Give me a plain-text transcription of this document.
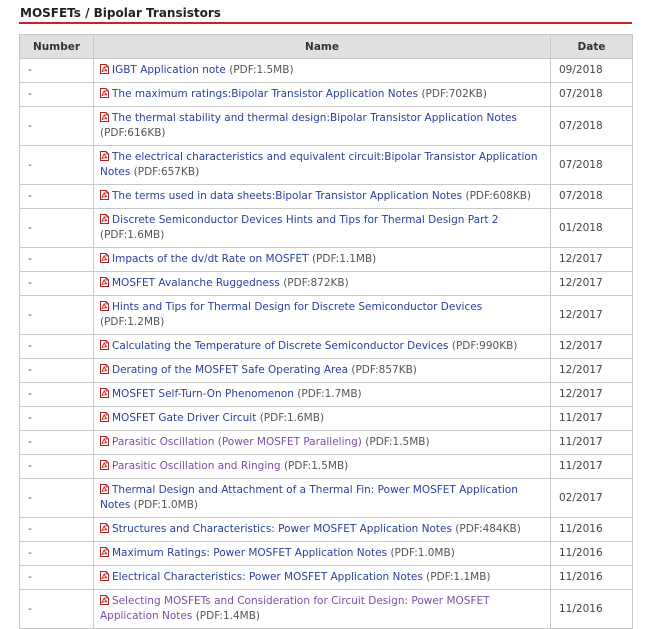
MOSFETs / Bipolar Transistors
Number	Name	Date
-	IGBT Application note (PDF:1.5MB)	09/2018
-	The maximum ratings:Bipolar Transistor Application Notes (PDF:702KB)	07/2018
-	The thermal stability and thermal design:Bipolar Transistor Application Notes (PDF:616KB)	07/2018
-	The electrical characteristics and equivalent circuit:Bipolar Transistor Application Notes (PDF:657KB)	07/2018
-	The terms used in data sheets:Bipolar Transistor Application Notes (PDF:608KB)	07/2018
-	Discrete Semiconductor Devices Hints and Tips for Thermal Design Part 2 (PDF:1.6MB)	01/2018
-	Impacts of the dv/dt Rate on MOSFET (PDF:1.1MB)	12/2017
-	MOSFET Avalanche Ruggedness (PDF:872KB)	12/2017
-	Hints and Tips for Thermal Design for Discrete Semiconductor Devices (PDF:1.2MB)	12/2017
-	Calculating the Temperature of Discrete Semiconductor Devices (PDF:990KB)	12/2017
-	Derating of the MOSFET Safe Operating Area (PDF:857KB)	12/2017
-	MOSFET Self-Turn-On Phenomenon (PDF:1.7MB)	12/2017
-	MOSFET Gate Driver Circuit (PDF:1.6MB)	11/2017
-	Parasitic Oscillation (Power MOSFET Paralleling) (PDF:1.5MB)	11/2017
-	Parasitic Oscillation and Ringing (PDF:1.5MB)	11/2017
-	Thermal Design and Attachment of a Thermal Fin: Power MOSFET Application Notes (PDF:1.0MB)	02/2017
-	Structures and Characteristics: Power MOSFET Application Notes (PDF:484KB)	11/2016
-	Maximum Ratings: Power MOSFET Application Notes (PDF:1.0MB)	11/2016
-	Electrical Characteristics: Power MOSFET Application Notes (PDF:1.1MB)	11/2016
-	Selecting MOSFETs and Consideration for Circuit Design: Power MOSFET Application Notes (PDF:1.4MB)	11/2016
